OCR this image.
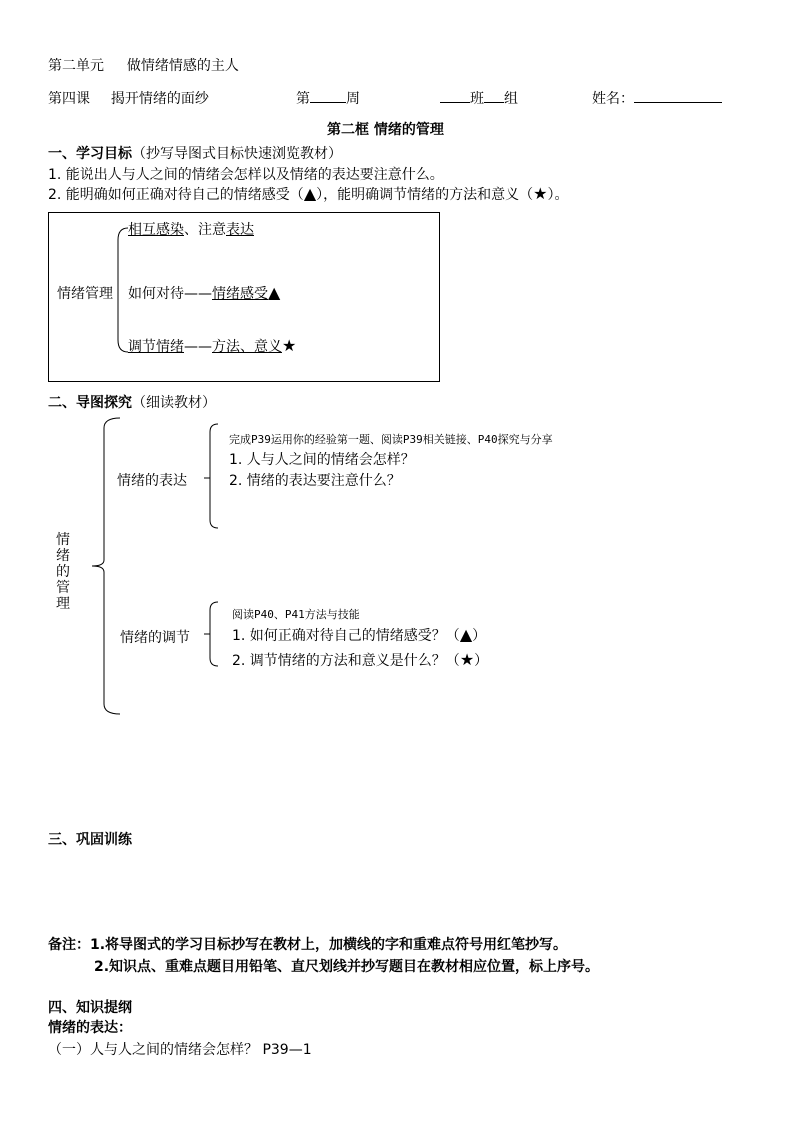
第二单元 做情绪情感的主人
第四课 揭开情绪的面纱	第	周	班 组	姓名：
第二框 情绪的管理
一、学习目标（抄写导图式目标快速浏览教材）
1. 能说出人与人之间的情绪会怎样以及情绪的表达要注意什么。
2. 能明确如何正确对待自己的情绪感受（▲），能明确调节情绪的方法和意义（★）。
情绪管理
相互感染、注意表达
如何对待——情绪感受▲
调节情绪——方法、意义★
二、导图探究（细读教材）
情
绪
的
管
理
情绪的表达
完成P39运用你的经验第一题、阅读P39相关链接、P40探究与分享
1. 人与人之间的情绪会怎样？
2. 情绪的表达要注意什么？
情绪的调节
阅读P40、P41方法与技能
1. 如何正确对待自己的情绪感受？（▲）
2. 调节情绪的方法和意义是什么？（★）
三、巩固训练
备注：1.将导图式的学习目标抄写在教材上，加横线的字和重难点符号用红笔抄写。
2.知识点、重难点题目用铅笔、直尺划线并抄写题目在教材相应位置，标上序号。
四、知识提纲
情绪的表达：
（一）人与人之间的情绪会怎样？ P39—1
